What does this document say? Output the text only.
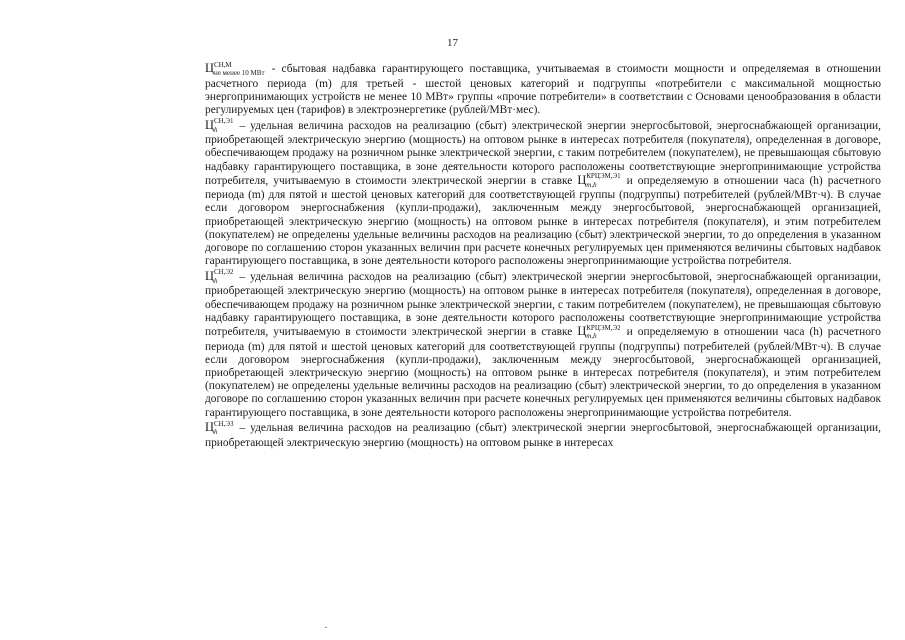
17

Ц СН,М
не менее 10 МВт - сбытовая надбавка гарантирующего поставщика, учитываемая в стоимости мощности и определяемая в отношении расчетного периода (m) для третьей - шестой ценовых категорий и подгруппы «потребители с максимальной мощностью энергопринимающих устройств не менее 10 МВт» группы «прочие потребители» в соответствии с Основами ценообразования в области регулируемых цен (тарифов) в электроэнергетике (рублей/МВт·мес).

Ц СН,Э1
h	– удельная величина расходов на реализацию (сбыт) электрической энергии энергосбытовой, энергоснабжающей организации, приобретающей электрическую энергию (мощность) на оптовом рынке в интересах потребителя (покупателя), определенная в договоре, обеспечивающем продажу на розничном рынке электрической энергии, с таким потребителем (покупателем), не превышающая сбытовую надбавку гарантирующего поставщика, в зоне деятельности которого расположены соответствующие энергопринимающие устройства потребителя, учитываемую в стоимости электрической энергии в ставке Ц КРЦЭМ,Э1
m,h	и определяемую в отношении часа (h) расчетного периода (m) для пятой и шестой ценовых категорий для соответствующей группы (подгруппы) потребителей (рублей/МВт·ч). В случае если договором энергоснабжения (купли-продажи), заключенным между энергосбытовой, энергоснабжающей организацией, приобретающей электрическую энергию (мощность) на оптовом рынке в интересах потребителя (покупателя), и этим потребителем (покупателем) не определены удельные величины расходов на реализацию (сбыт) электрической энергии, то до определения в указанном договоре по соглашению сторон указанных величин при расчете конечных регулируемых цен применяются величины сбытовых надбавок гарантирующего поставщика, в зоне деятельности которого расположены энергопринимающие устройства потребителя.

Ц СН,Э2
h	– удельная величина расходов на реализацию (сбыт) электрической энергии энергосбытовой, энергоснабжающей организации, приобретающей электрическую энергию (мощность) на оптовом рынке в интересах потребителя (покупателя), определенная в договоре, обеспечивающем продажу на розничном рынке электрической энергии, с таким потребителем (покупателем), не превышающая сбытовую надбавку гарантирующего поставщика, в зоне деятельности которого расположены соответствующие энергопринимающие устройства потребителя, учитываемую в стоимости электрической энергии в ставке Ц КРЦЭМ,Э2
m,h	и определяемую в отношении часа (h) расчетного периода (m) для пятой и шестой ценовых категорий для соответствующей группы (подгруппы) потребителей (рублей/МВт·ч). В случае если договором энергоснабжения (купли-продажи), заключенным между энергосбытовой, энергоснабжающей организацией, приобретающей электрическую энергию (мощность) на оптовом рынке в интересах потребителя (покупателя), и этим потребителем (покупателем) не определены удельные величины расходов на реализацию (сбыт) электрической энергии, то до определения в указанном договоре по соглашению сторон указанных величин при расчете конечных регулируемых цен применяются величины сбытовых надбавок гарантирующего поставщика, в зоне деятельности которого расположены энергопринимающие устройства потребителя.

Ц СН,Э3
h	– удельная величина расходов на реализацию (сбыт) электрической энергии энергосбытовой, энергоснабжающей организации, приобретающей электрическую энергию (мощность) на оптовом рынке в интересах
